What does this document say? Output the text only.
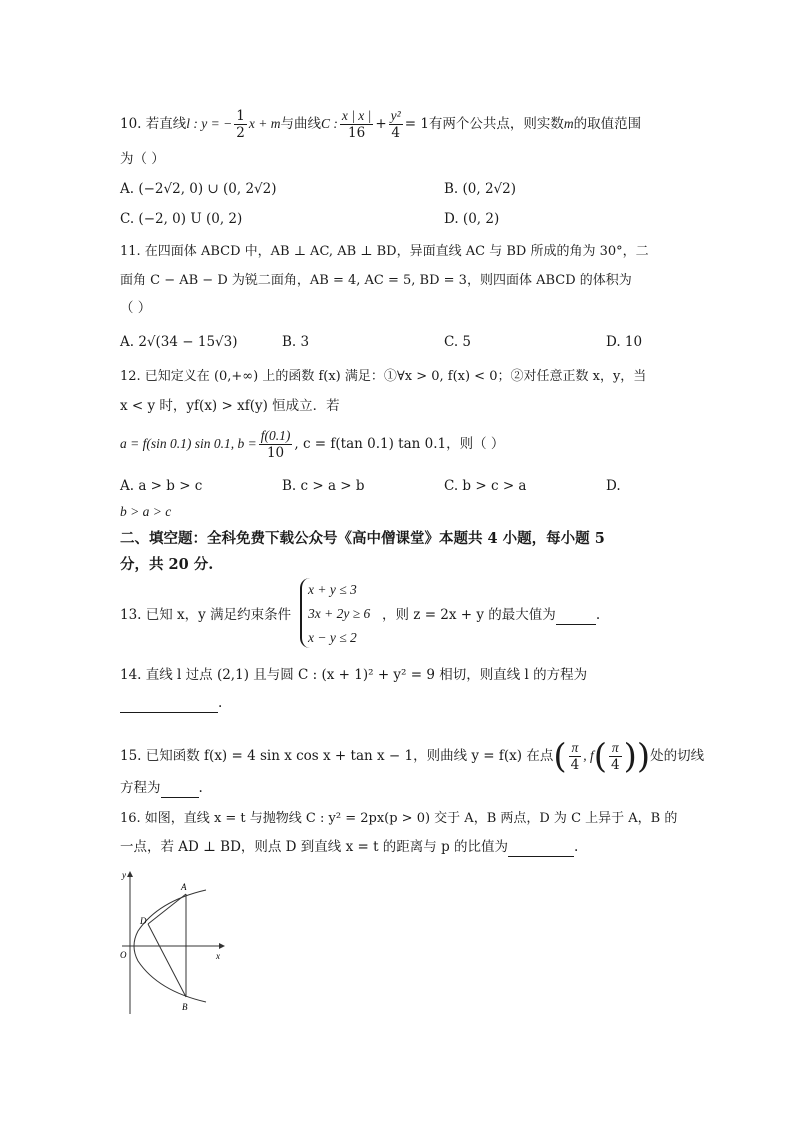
10. 若直线l : y = − $\frac{1}{2}$ x + m与曲线C : $\frac{x | x |}{16} + \frac{\text{y²}}{4} = 1$有两个公共点，则实数m的取值范围
为（ ）
A. (−2√2, 0) ∪ (0, 2√2)	B. (0, 2√2)
C. (−2, 0) U (0, 2)	D. (0, 2)
11. 在四面体 ABCD 中，AB ⊥ AC, AB ⊥ BD，异面直线 AC 与 BD 所成的角为 30°，二
面角 C − AB − D 为锐二面角，AB = 4, AC = 5, BD = 3，则四面体 ABCD 的体积为
（ ）
A. 2√(34 − 15√3)	B. 3	C. 5	D. 10
12. 已知定义在 (0,+∞) 上的函数 f(x) 满足：①∀x > 0, f(x) < 0；②对任意正数 x，y，当
x < y 时，yf(x) > xf(y) 恒成立．若
a = f(sin 0.1) sin 0.1, $b = \frac{f(0.1)}{10}$ , c = f(tan 0.1) tan 0.1，则（ ）
A. a > b > c	B. c > a > b	C. b > c > a	D.
b > a > c
二、填空题：全科免费下载公众号《高中僧课堂》本题共 4 小题，每小题 5
分，共 20 分.
13. 已知 x，y 满足约束条件
x + y ≤ 3
3x + 2y ≥ 6
x − y ≤ 2
，则 z = 2x + y 的最大值为	.
14. 直线 l 过点 (2,1) 且与圆 C : (x + 1)² + y² = 9 相切，则直线 l 的方程为
.
15. 已知函数 f(x) = 4 sin x cos x + tan x − 1，则曲线 y = f(x) 在点( $\frac{\pi}{4}$ , $f( \frac{\pi}{4}$ ))处的切线
方程为	.
16. 如图，直线 x = t 与抛物线 C : y² = 2px(p > 0) 交于 A，B 两点，D 为 C 上异于 A，B 的
一点，若 AD ⊥ BD，则点 D 到直线 x = t 的距离与 p 的比值为	.
y
x
O
A
B
D
